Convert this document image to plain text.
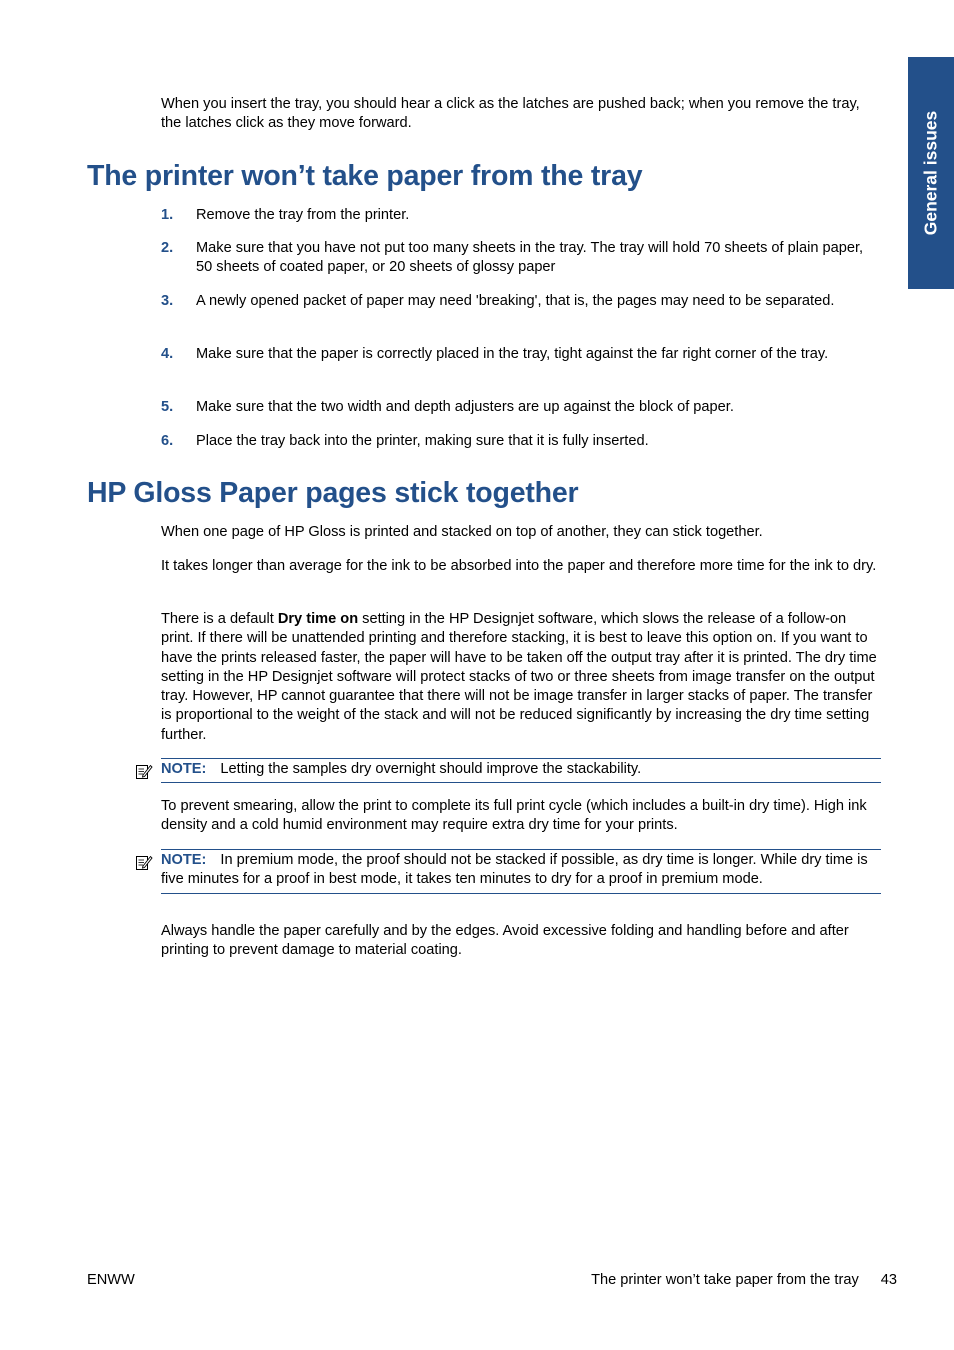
General issues

When you insert the tray, you should hear a click as the latches are pushed back; when you remove the tray, the latches click as they move forward.

The printer won’t take paper from the tray
1. Remove the tray from the printer.
2. Make sure that you have not put too many sheets in the tray. The tray will hold 70 sheets of plain paper, 50 sheets of coated paper, or 20 sheets of glossy paper
3. A newly opened packet of paper may need 'breaking', that is, the pages may need to be separated.
4. Make sure that the paper is correctly placed in the tray, tight against the far right corner of the tray.
5. Make sure that the two width and depth adjusters are up against the block of paper.
6. Place the tray back into the printer, making sure that it is fully inserted.
HP Gloss Paper pages stick together

When one page of HP Gloss is printed and stacked on top of another, they can stick together.

It takes longer than average for the ink to be absorbed into the paper and therefore more time for the ink to dry.

There is a default Dry time on setting in the HP Designjet software, which slows the release of a follow-on print. If there will be unattended printing and therefore stacking, it is best to leave this option on. If you want to have the prints released faster, the paper will have to be taken off the output tray after it is printed. The dry time setting in the HP Designjet software will protect stacks of two or three sheets from image transfer on the output tray. However, HP cannot guarantee that there will not be image transfer in larger stacks of paper. The transfer is proportional to the weight of the stack and will not be reduced significantly by increasing the dry time setting further.

NOTE: Letting the samples dry overnight should improve the stackability.

To prevent smearing, allow the print to complete its full print cycle (which includes a built-in dry time). High ink density and a cold humid environment may require extra dry time for your prints.

NOTE: In premium mode, the proof should not be stacked if possible, as dry time is longer. While dry time is five minutes for a proof in best mode, it takes ten minutes to dry for a proof in premium mode.

Always handle the paper carefully and by the edges. Avoid excessive folding and handling before and after printing to prevent damage to material coating.

ENWW	The printer won’t take paper from the tray 43
